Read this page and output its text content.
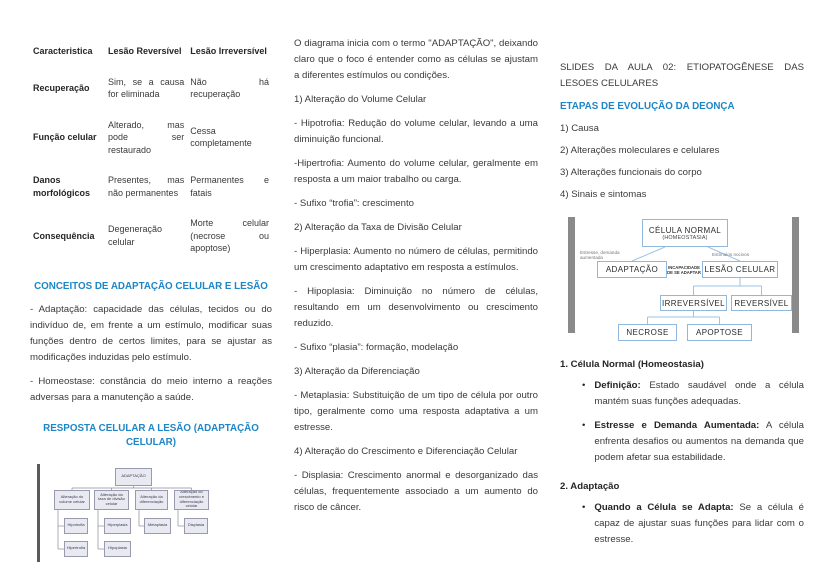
Caracteristica	Lesão Reversível	Lesão Irreversível
Recuperação	Sim, se a causa for eliminada	Não há recuperação
Função celular	Alterado, mas pode ser restaurado	Cessa completamente
Danos morfológicos	Presentes, mas não permanentes	Permanentes e fatais
Consequência	Degeneração celular	Morte celular (necrose ou apoptose)
CONCEITOS DE ADAPTAÇÃO CELULAR E LESÃO

- Adaptação: capacidade das células, tecidos ou do indivíduo de, em frente a um estímulo, modificar suas funções dentro de certos limites, para se ajustar as modificações induzidas pelo estímulo.

- Homeostase: constância do meio interno a reações adversas para a manutenção a saúde.

RESPOSTA CELULAR A LESÃO (ADAPTAÇÃO CELULAR)
ADAPTAÇÃO
Alteração do volume celular
Alteração da taxa de divisão celular
Alteração da diferenciação
Alteração do crescimento e diferenciação celular
Hipotrofia
Hipertrofia
Hiperplasia
Hipoplasia
Metaplasia	Displasia

O diagrama inicia com o termo "ADAPTAÇÃO", deixando claro que o foco é entender como as células se ajustam a diferentes estímulos ou condições.

1) Alteração do Volume Celular

- Hipotrofia: Redução do volume celular, levando a uma diminuição funcional.

-Hipertrofia: Aumento do volume celular, geralmente em resposta a um maior trabalho ou carga.

- Sufixo “trofia”: crescimento

2) Alteração da Taxa de Divisão Celular

- Hiperplasia: Aumento no número de células, permitindo um crescimento adaptativo em resposta a estímulos.

- Hipoplasia: Diminuição no número de células, resultando em um desenvolvimento ou crescimento reduzido.

- Sufixo “plasia”: formação, modelação

3) Alteração da Diferenciação

- Metaplasia: Substituição de um tipo de célula por outro tipo, geralmente como uma resposta adaptativa a um estresse.

4) Alteração do Crescimento e Diferenciação Celular

- Displasia: Crescimento anormal e desorganizado das células, frequentemente associado a um aumento do risco de câncer.

SLIDES DA AULA 02: ETIOPATOGÊNESE DAS LESOES CELULARES

ETAPAS DE EVOLUÇÃO DA DEONÇA

1) Causa

2) Alterações moleculares e celulares

3) Alterações funcionais do corpo

4) Sinais e sintomas

CÉLULA NORMAL
(HOMEOSTASIA)
Estresse, demanda aumentada
Estímulos nocivos
ADAPTAÇÃO	INCAPACIDADE DE SE ADAPTAR LESÃO CELULAR
IRREVERSÍVEL	REVERSÍVEL
NECROSE	APOPTOSE
1. Célula Normal (Homeostasia)
• Definição: Estado saudável onde a célula mantém suas funções adequadas.
• Estresse e Demanda Aumentada: A célula enfrenta desafios ou aumentos na demanda que podem afetar sua estabilidade.
2. Adaptação
• Quando a Célula se Adapta: Se a célula é capaz de ajustar suas funções para lidar com o estresse.
